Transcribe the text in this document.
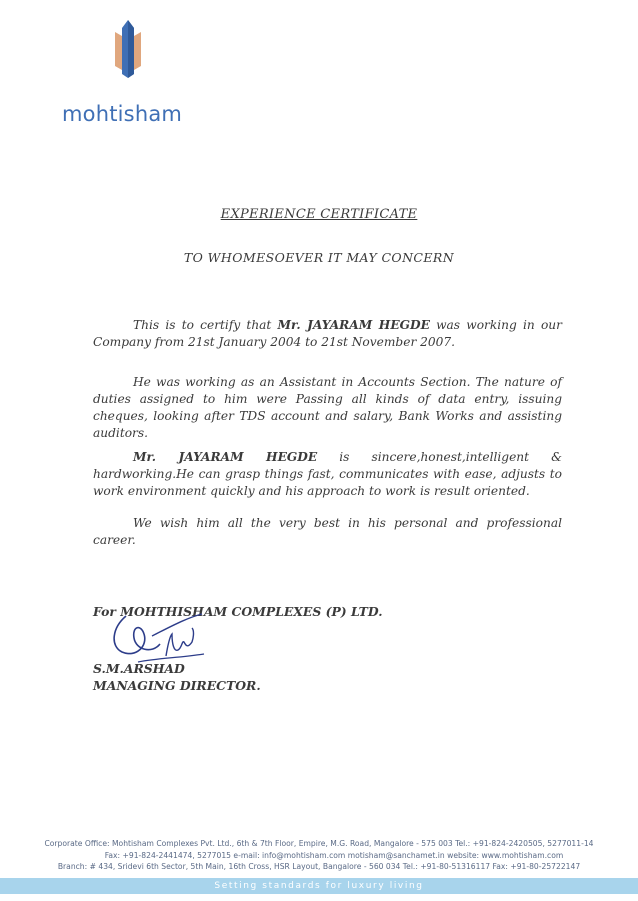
mohtisham
EXPERIENCE CERTIFICATE
TO WHOMESOEVER IT MAY CONCERN
This is to certify that Mr. JAYARAM HEGDE was working in our Company from 21st January 2004 to 21st November 2007.
He was working as an Assistant in Accounts Section. The nature of duties assigned to him were Passing all kinds of data entry, issuing cheques, looking after TDS account and salary, Bank Works and assisting auditors.
Mr. JAYARAM HEGDE is sincere,honest,intelligent & hardworking.He can grasp things fast, communicates with ease, adjusts to work environment quickly and his approach to work is result oriented.
We wish him all the very best in his personal and professional career.
For MOHTHISHAM COMPLEXES (P) LTD.
S.M.ARSHAD
MANAGING DIRECTOR.
Corporate Office: Mohtisham Complexes Pvt. Ltd., 6th & 7th Floor, Empire, M.G. Road, Mangalore - 575 003 Tel.: +91-824-2420505, 5277011-14
Fax: +91-824-2441474, 5277015 e-mail: info@mohtisham.com motisham@sanchamet.in website: www.mohtisham.com
Branch: # 434, Sridevi 6th Sector, 5th Main, 16th Cross, HSR Layout, Bangalore - 560 034 Tel.: +91-80-51316117 Fax: +91-80-25722147
Setting standards for luxury living
